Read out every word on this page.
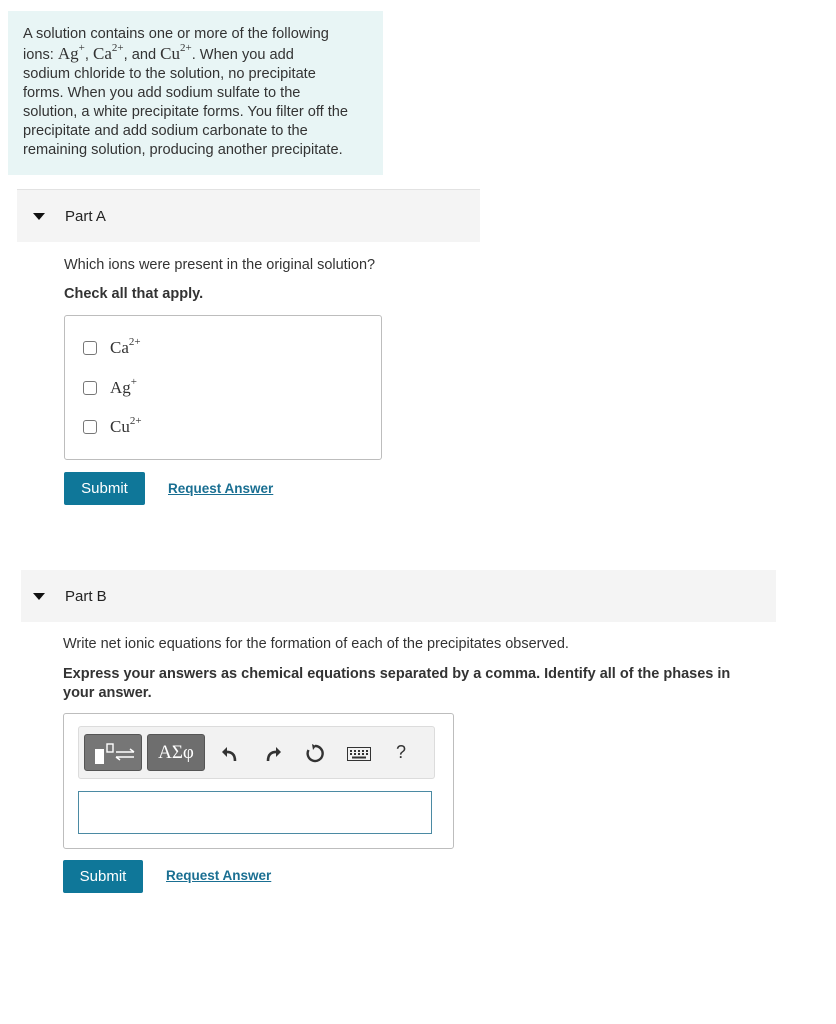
A solution contains one or more of the following
ions: Ag+, $Ca^{2+}$, and $Cu^{2+}$. When you add
sodium chloride to the solution, no precipitate
forms. When you add sodium sulfate to the
solution, a white precipitate forms. You filter off the
precipitate and add sodium carbonate to the
remaining solution, producing another precipitate.
Part A
Which ions were present in the original solution?
Check all that apply.
$Ca^{2+}$
Ag+
$Cu^{2+}$
Submit	Request Answer
Part B
Write net ionic equations for the formation of each of the precipitates observed.
Express your answers as chemical equations separated by a comma. Identify all of the phases in
your answer.
ΑΣφ	?
Submit	Request Answer
